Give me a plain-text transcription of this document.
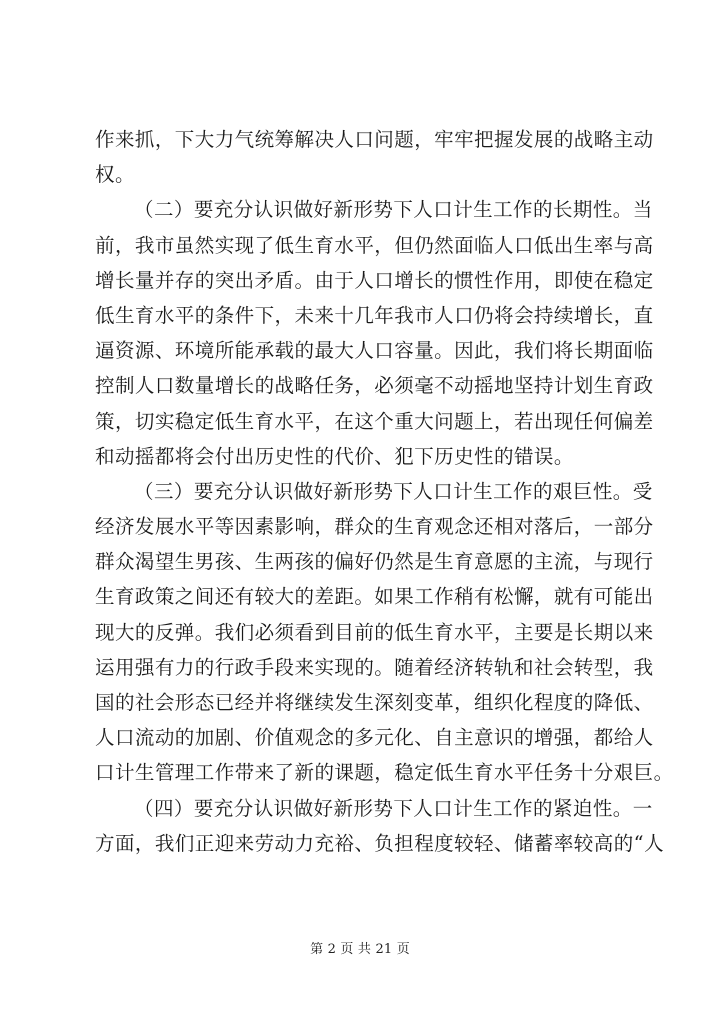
作来抓，下大力气统筹解决人口问题，牢牢把握发展的战略主动
权。
（二）要充分认识做好新形势下人口计生工作的长期性。当
前，我市虽然实现了低生育水平，但仍然面临人口低出生率与高
增长量并存的突出矛盾。由于人口增长的惯性作用，即使在稳定
低生育水平的条件下，未来十几年我市人口仍将会持续增长，直
逼资源、环境所能承载的最大人口容量。因此，我们将长期面临
控制人口数量增长的战略任务，必须毫不动摇地坚持计划生育政
策，切实稳定低生育水平，在这个重大问题上，若出现任何偏差
和动摇都将会付出历史性的代价、犯下历史性的错误。
（三）要充分认识做好新形势下人口计生工作的艰巨性。受
经济发展水平等因素影响，群众的生育观念还相对落后，一部分
群众渴望生男孩、生两孩的偏好仍然是生育意愿的主流，与现行
生育政策之间还有较大的差距。如果工作稍有松懈，就有可能出
现大的反弹。我们必须看到目前的低生育水平，主要是长期以来
运用强有力的行政手段来实现的。随着经济转轨和社会转型，我
国的社会形态已经并将继续发生深刻变革，组织化程度的降低、
人口流动的加剧、价值观念的多元化、自主意识的增强，都给人
口计生管理工作带来了新的课题，稳定低生育水平任务十分艰巨。
（四）要充分认识做好新形势下人口计生工作的紧迫性。一
方面，我们正迎来劳动力充裕、负担程度较轻、储蓄率较高的“人
第 2 页 共 21 页
